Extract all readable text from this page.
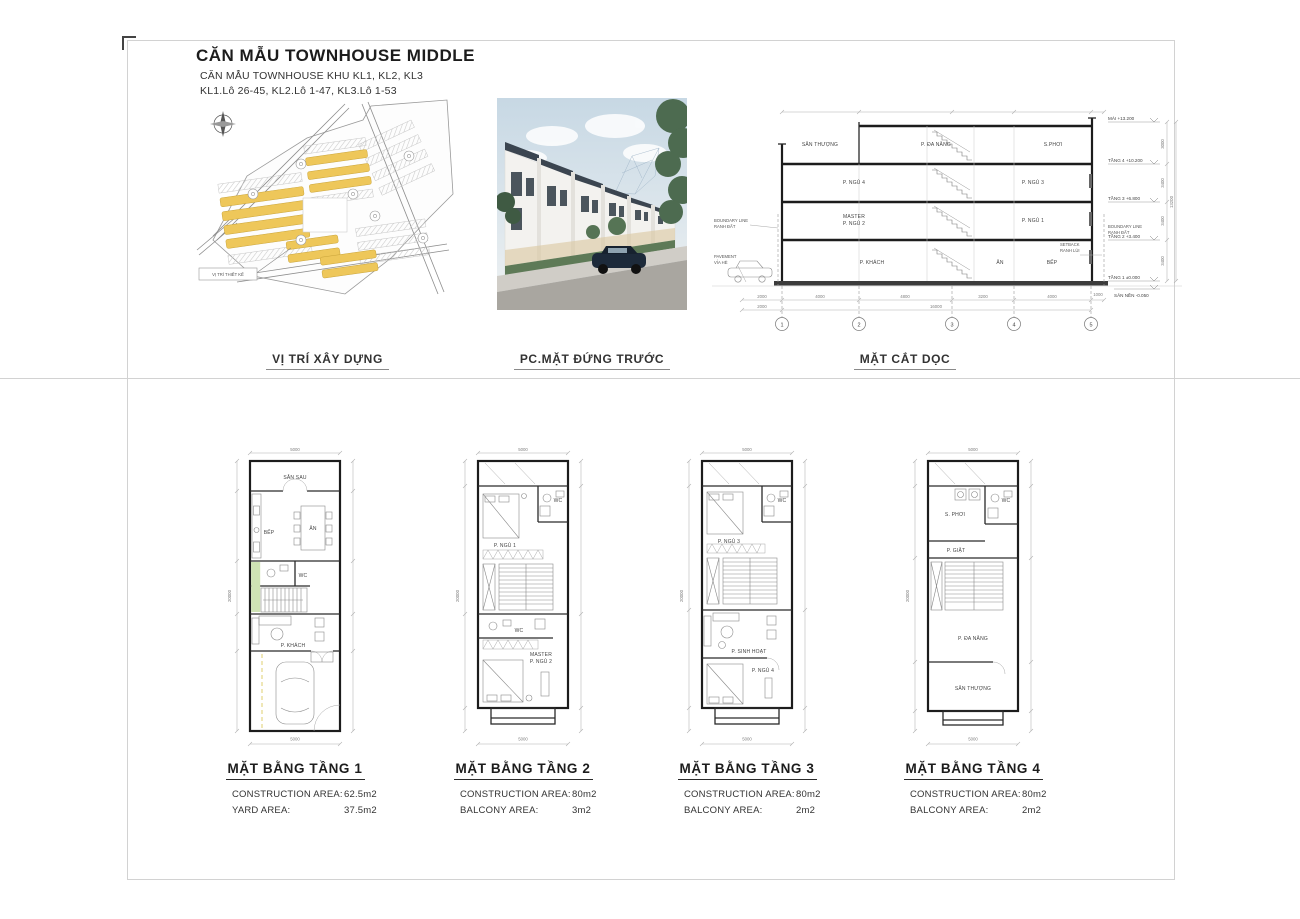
CĂN MẪU TOWNHOUSE MIDDLE
CĂN MẪU TOWNHOUSE KHU KL1, KL2, KL3
KL1.Lô 26-45, KL2.Lô 1-47, KL3.Lô 1-53
VỊ TRÍ THIẾT KẾ
BOUNDARY LINE
RANH ĐẤT
PAVEMENT
VỈA HÈ
BOUNDARY LINE
RANH ĐẤT
SETBACK
RANH LÙI
SÂN THƯỢNG	P. ĐA NĂNG	S.PHƠI
P. NGỦ 4	P. NGỦ 3
MASTER
P. NGỦ 2	P. NGỦ 1
P. KHÁCH	ĂN	BẾP
MÁI +13.200
TẦNG 4 +10.200
TẦNG 3 +6.800
TẦNG 2 +3.400
TẦNG 1 ±0.000
SÂN NỀN -0.050
3000
3400
3400
3400
13200
2000	4000	4800	3200	4000	1000
2000	16000
1	2	3	4	5
VỊ TRÍ XÂY DỰNG	PC.MẶT ĐỨNG TRƯỚC	MẶT CẮT DỌC
5000
5000
20000
SÂN SAU
BẾP
ĂN
WC
P. KHÁCH
5000
5000
20000
P. NGỦ 1
WC
WC
MASTER
P. NGỦ 2
5000
5000
20000
P. NGỦ 3
WC
P. SINH HOẠT
P. NGỦ 4
5000
5000
20000
S. PHƠI
WC
P. GIẶT
P. ĐA NĂNG
SÂN THƯỢNG
MẶT BẰNG TẦNG 1
CONSTRUCTION AREA: 62.5m2
YARD AREA:	37.5m2
MẶT BẰNG TẦNG 2
CONSTRUCTION AREA: 80m2
BALCONY AREA:	3m2
MẶT BẰNG TẦNG 3
CONSTRUCTION AREA: 80m2
BALCONY AREA:	2m2
MẶT BẰNG TẦNG 4
CONSTRUCTION AREA: 80m2
BALCONY AREA:	2m2
